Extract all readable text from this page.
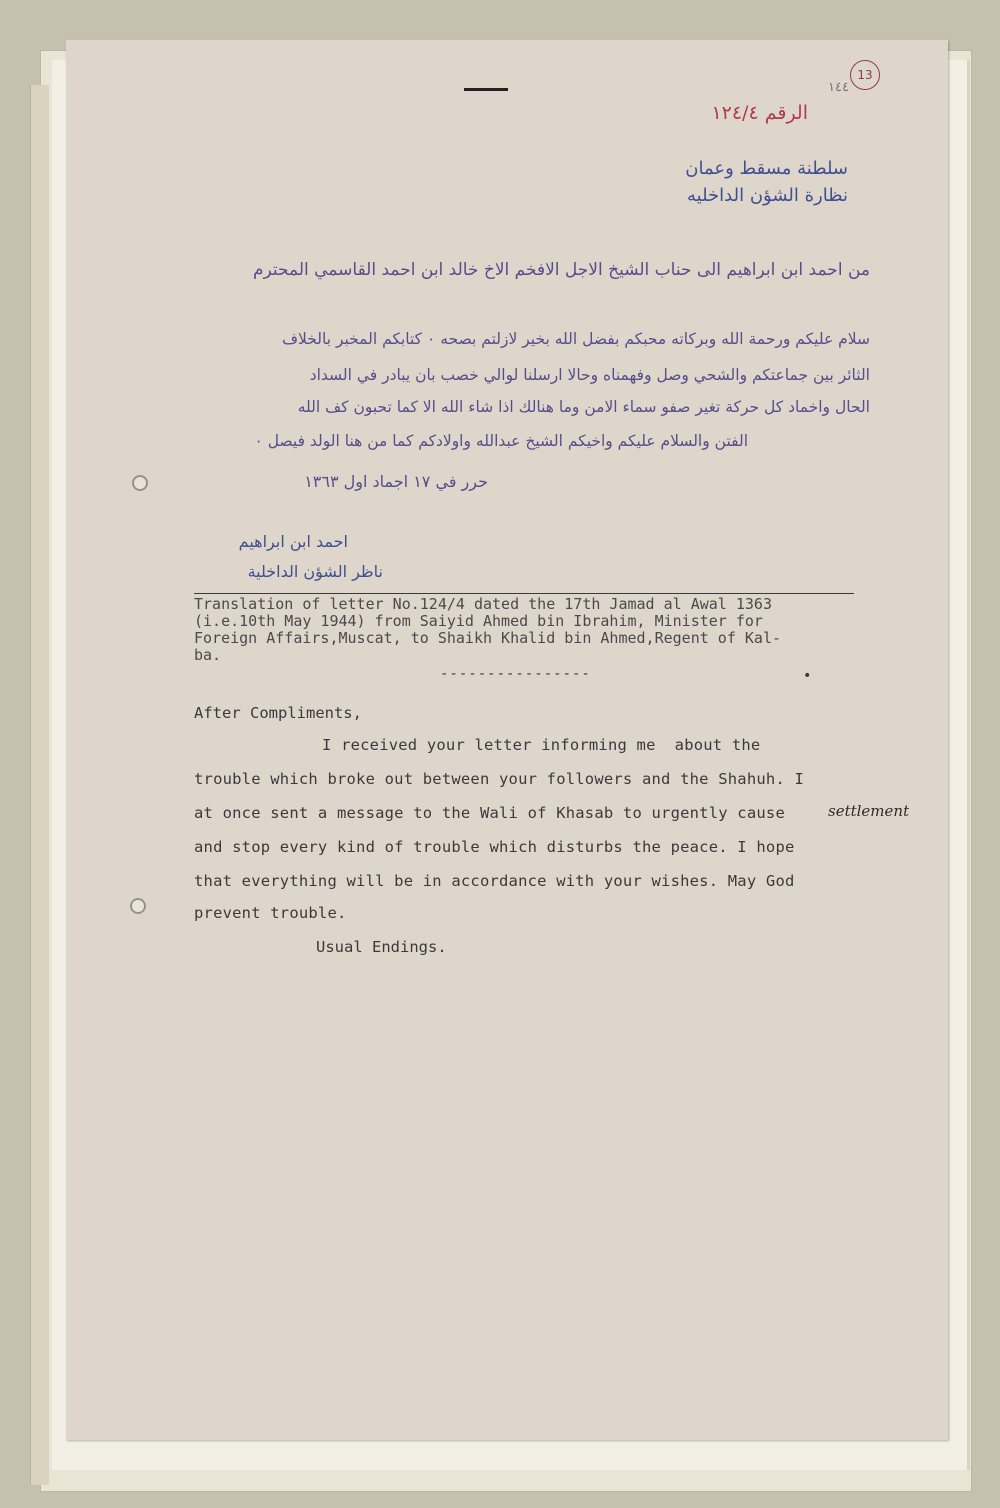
١٤٤
13
الرقم ١٢٤/٤
سلطنة مسقط وعمان
نظارة الشؤن الداخليه
من احمد ابن ابراهيم الى حناب الشيخ الاجل الافخم الاخ خالد ابن احمد القاسمي المحترم
سلام عليكم ورحمة الله وبركاته محبكم بفضل الله بخير لازلتم بصحه ٠ كتابكم المخبر بالخلاف
الثائر بين جماعتكم والشحي وصل وفهمناه وحالا ارسلنا لوالي خصب بان يبادر في السداد
الحال واخماد كل حركة تغير صفو سماء الامن وما هنالك اذا شاء الله الا كما تحبون كف الله
الفتن والسلام عليكم واخيكم الشيخ عبدالله واولادكم كما من هنا الولد فيصل ٠
حرر في ١٧ اجماد اول ١٣٦٣
احمد ابن ابراهيم
ناظر الشؤن الداخلية
Translation of letter No.124/4 dated the 17th Jamad al Awal 1363
(i.e.10th May 1944) from Saiyid Ahmed bin Ibrahim, Minister for
Foreign Affairs,Muscat, to Shaikh Khalid bin Ahmed,Regent of Kal-
ba.
----------------	•
After Compliments,
I received your letter informing me  about the
trouble which broke out between your followers and the Shahuh. I
at once sent a message to the Wali of Khasab to urgently cause	settlement
and stop every kind of trouble which disturbs the peace. I hope
that everything will be in accordance with your wishes. May God
prevent trouble.
Usual Endings.
